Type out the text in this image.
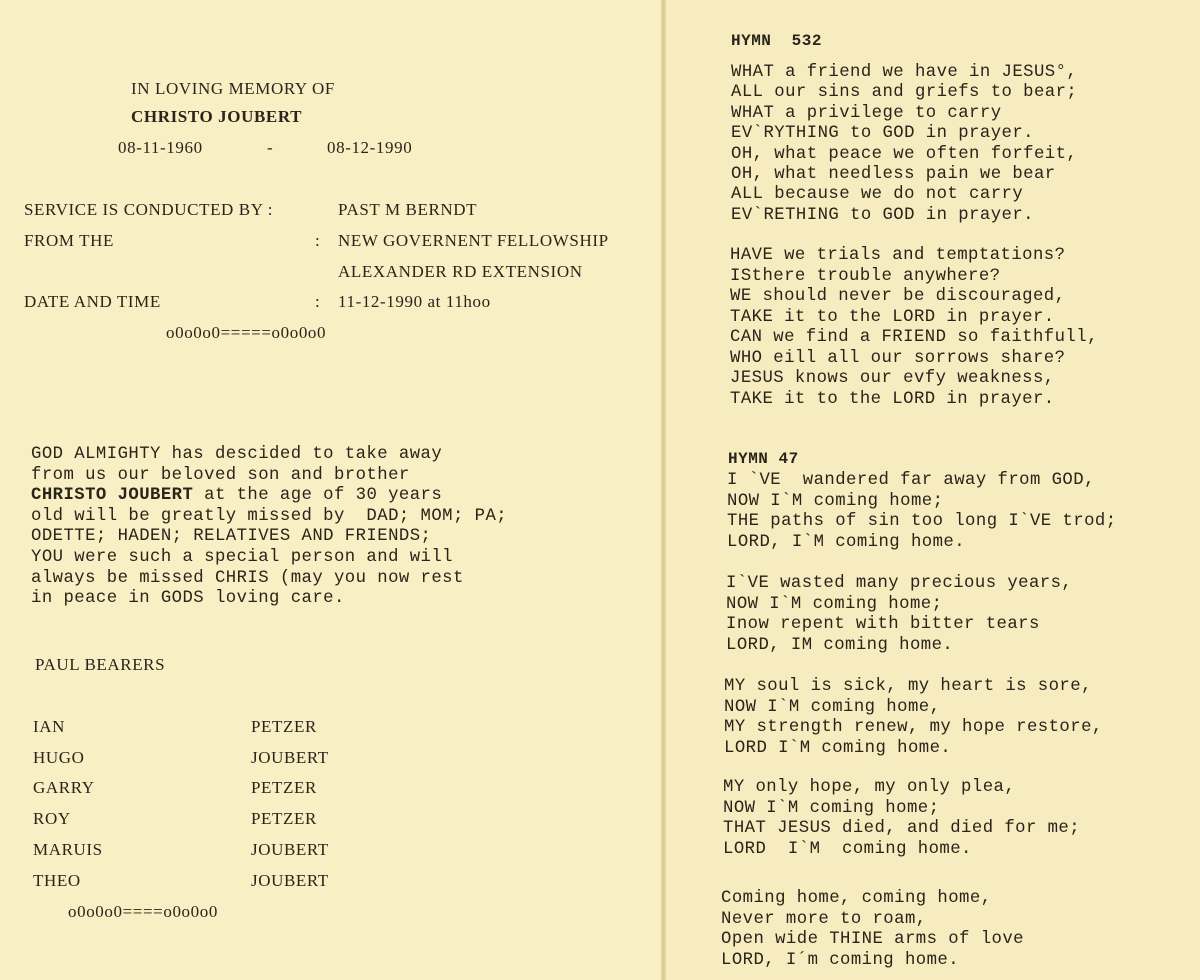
IN LOVING MEMORY OF
CHRISTO JOUBERT
08-11-1960	-	08-12-1990
SERVICE IS CONDUCTED BY :	PAST M BERNDT
FROM THE	: NEW GOVERNENT FELLOWSHIP
ALEXANDER RD EXTENSION
DATE AND TIME	: 11-12-1990 at 11hoo
o0o0o0=====o0o0o0
GOD ALMIGHTY has descided to take away
from us our beloved son and brother
CHRISTO JOUBERT at the age of 30 years
old will be greatly missed by  DAD; MOM; PA;
ODETTE; HADEN; RELATIVES AND FRIENDS;
YOU were such a special person and will
always be missed CHRIS (may you now rest
in peace in GODS loving care.
PAUL BEARERS
IAN	PETZER
HUGO	JOUBERT
GARRY	PETZER
ROY	PETZER
MARUIS	JOUBERT
THEO	JOUBERT
o0o0o0====o0o0o0
HYMN  532
WHAT a friend we have in JESUS°,
ALL our sins and griefs to bear;
WHAT a privilege to carry
EV`RYTHING to GOD in prayer.
OH, what peace we often forfeit,
OH, what needless pain we bear
ALL because we do not carry
EV`RETHING to GOD in prayer.
HAVE we trials and temptations?
ISthere trouble anywhere?
WE should never be discouraged,
TAKE it to the LORD in prayer.
CAN we find a FRIEND so faithfull,
WHO eill all our sorrows share?
JESUS knows our evfy weakness,
TAKE it to the LORD in prayer.
HYMN 47
I `VE  wandered far away from GOD,
NOW I`M coming home;
THE paths of sin too long I`VE trod;
LORD, I`M coming home.
I`VE wasted many precious years,
NOW I`M coming home;
Inow repent with bitter tears
LORD, IM coming home.
MY soul is sick, my heart is sore,
NOW I`M coming home,
MY strength renew, my hope restore,
LORD I`M coming home.
MY only hope, my only plea,
NOW I`M coming home;
THAT JESUS died, and died for me;
LORD  I`M  coming home.
Coming home, coming home,
Never more to roam,
Open wide THINE arms of love
LORD, I´m coming home.
